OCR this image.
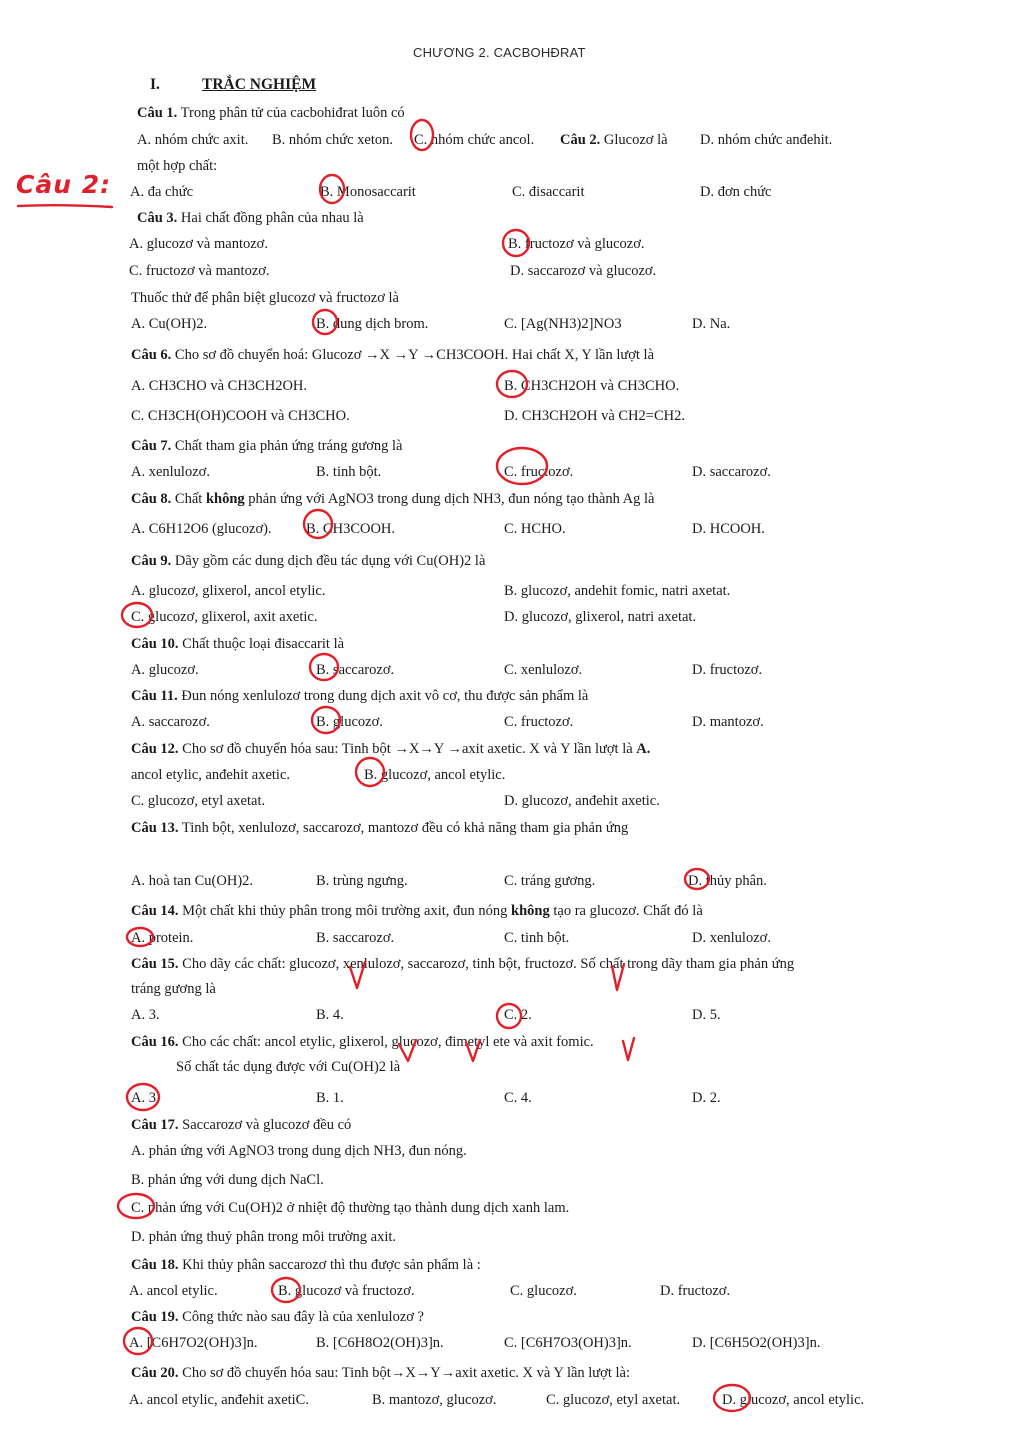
CHƯƠNG 2. CACBOHĐRAT
I.	TRẮC NGHIỆM
Câu 2:
Câu 1. Trong phân tử của cacbohiđrat luôn có
A. nhóm chức axit. B. nhóm chức xeton. C. nhóm chức ancol. Câu 2. Glucozơ là D. nhóm chức anđehit.
một hợp chất:
A. đa chức	B. Monosaccarit	C. đisaccarit	D. đơn chức
Câu 3. Hai chất đồng phân của nhau là
A. glucozơ và mantozơ.	B. fructozơ và glucozơ.
C. fructozơ và mantozơ.	D. saccarozơ và glucozơ.
Thuốc thử để phân biệt glucozơ và fructozơ là
A. Cu(OH)2.	B. dung dịch brom.	C. [Ag(NH3)2]NO3	D. Na.
Câu 6. Cho sơ đồ chuyển hoá: Glucozơ →X →Y →CH3COOH. Hai chất X, Y lần lượt là
A. CH3CHO và CH3CH2OH.	B. CH3CH2OH và CH3CHO.
C. CH3CH(OH)COOH và CH3CHO.	D. CH3CH2OH và CH2=CH2.
Câu 7. Chất tham gia phản ứng tráng gương là
A. xenlulozơ.	B. tinh bột.	C. fructozơ.	D. saccarozơ.
Câu 8. Chất không phản ứng với AgNO3 trong dung dịch NH3, đun nóng tạo thành Ag là
A. C6H12O6 (glucozơ). B. CH3COOH.	C. HCHO.	D. HCOOH.
Câu 9. Dãy gồm các dung dịch đều tác dụng với Cu(OH)2 là
A. glucozơ, glixerol, ancol etylic.	B. glucozơ, andehit fomic, natri axetat.
C. glucozơ, glixerol, axit axetic.	D. glucozơ, glixerol, natri axetat.
Câu 10. Chất thuộc loại đisaccarit là
A. glucozơ.	B. saccarozơ.	C. xenlulozơ.	D. fructozơ.
Câu 11. Đun nóng xenlulozơ trong dung dịch axit vô cơ, thu được sản phẩm là
A. saccarozơ.	B. glucozơ.	C. fructozơ.	D. mantozơ.
Câu 12. Cho sơ đồ chuyển hóa sau: Tinh bột →X→Y →axit axetic. X và Y lần lượt là A.
ancol etylic, anđehit axetic.	B. glucozơ, ancol etylic.
C. glucozơ, etyl axetat.	D. glucozơ, anđehit axetic.
Câu 13. Tinh bột, xenlulozơ, saccarozơ, mantozơ đều có khả năng tham gia phản ứng
A. hoà tan Cu(OH)2.	B. trùng ngưng.	C. tráng gương.	D. thủy phân.
Câu 14. Một chất khi thủy phân trong môi trường axit, đun nóng không tạo ra glucozơ. Chất đó là
A. protein.	B. saccarozơ.	C. tinh bột.	D. xenlulozơ.
Câu 15. Cho dãy các chất: glucozơ, xenlulozơ, saccarozơ, tinh bột, fructozơ. Số chất trong dãy tham gia phản ứng
tráng gương là
A. 3.	B. 4.	C. 2.	D. 5.
Câu 16. Cho các chất: ancol etylic, glixerol, glucozơ, đimetyl ete và axit fomic.
Số chất tác dụng được với Cu(OH)2 là
A. 3.	B. 1.	C. 4.	D. 2.
Câu 17. Saccarozơ và glucozơ đều có
A. phản ứng với AgNO3 trong dung dịch NH3, đun nóng.
B. phản ứng với dung dịch NaCl.
C. phản ứng với Cu(OH)2 ở nhiệt độ thường tạo thành dung dịch xanh lam.
D. phản ứng thuỷ phân trong môi trường axit.
Câu 18. Khi thủy phân saccarozơ thì thu được sản phẩm là :
A. ancol etylic.	B. glucozơ và fructozơ.	C. glucozơ.	D. fructozơ.
Câu 19. Công thức nào sau đây là của xenlulozơ ?
A. [C6H7O2(OH)3]n.	B. [C6H8O2(OH)3]n.	C. [C6H7O3(OH)3]n.	D. [C6H5O2(OH)3]n.
Câu 20. Cho sơ đồ chuyển hóa sau: Tinh bột→X→Y→axit axetic. X và Y lần lượt là:
A. ancol etylic, anđehit axetiC.	B. mantozơ, glucozơ.	C. glucozơ, etyl axetat.	D. glucozơ, ancol etylic.
